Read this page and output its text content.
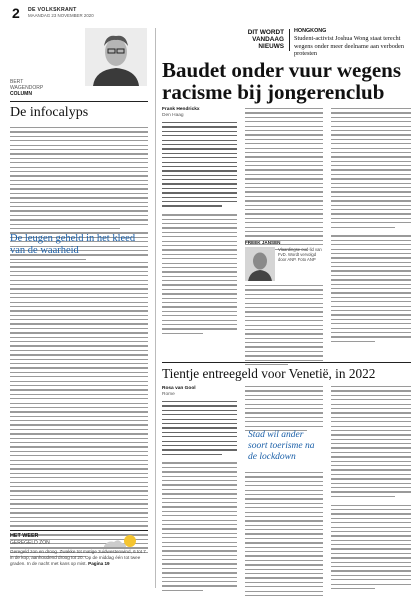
2 DE VOLKSKRANT
MAANDAG 23 NOVEMBER 2020
BERT
WAGENDORP
COLUMN
De infocalyps
De leugen geheld in het kleed van de waarheid
HET WEER
GEREGELD ZON
Geregeld zon en droog. Zwakke tot matige zuidwestenwind, 6 tot 7 in de kop, aanhoudend droog tot 20. Op de middag één tot twee graden. In de nacht met kans op mist. Pagina 19
DIT WORDT
VANDAAG
NIEUWS
HONGKONG
Student-activist Joshua Wong staat terecht wegens onder meer deelname aan verboden protesten
Baudet onder vuur wegens racisme bij jongerenclub
Frank Hendrickx
Den Haag
FREEK JANSEN
Vlaardingse oud-lid van FvD. Wordt vervolgd door ANP. Foto ANP
Tientje entreegeld voor Venetië, in 2022
Rosa van Gool
Rome
Stad wil ander soort toerisme na de lockdown
